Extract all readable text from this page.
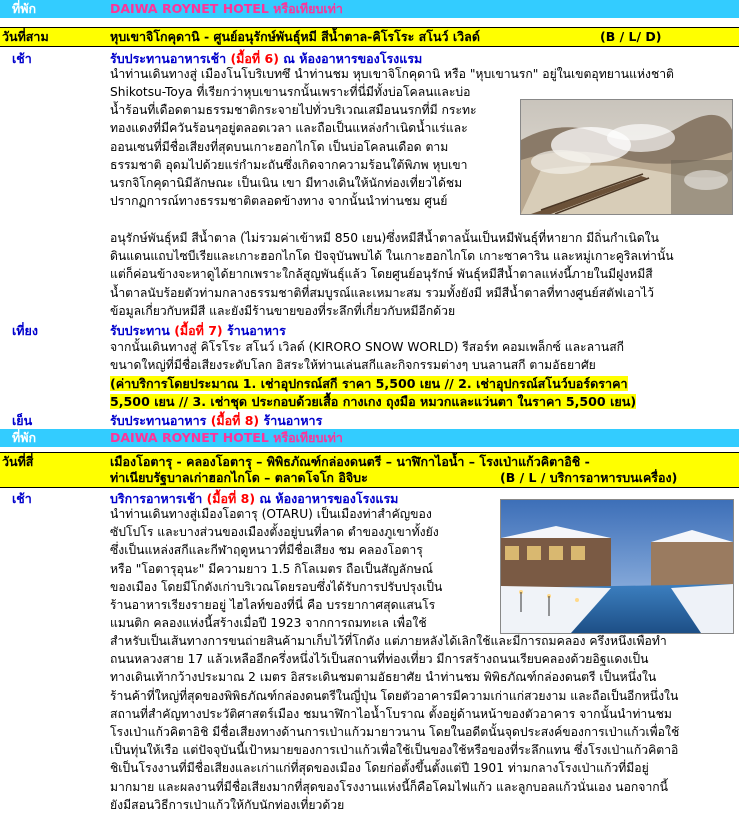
ที่พัก	DAIWA ROYNET HOTEL หรือเทียบเท่า
วันที่สาม	หุบเขาจิโกคุดานิ - ศูนย์อนุรักษ์พันธุ์หมี สีน้ำตาล-คิโรโระ สโนว์ เวิลด์	(B / L/ D)
เช้า	รับประทานอาหารเช้า (มื้อที่ 6) ณ ห้องอาหารของโรงแรม
นำท่านเดินทางสู่ เมืองโนโบริเบทซึ นำท่านชม หุบเขาจิโกคุดานิ หรือ "หุบเขานรก" อยู่ในเขตอุทยานแห่งชาติ
Shikotsu-Toya ที่เรียกว่าหุบเขานรกนั้นเพราะที่นี่มีทั้งบ่อโคลนและบ่อ
น้ำร้อนที่เดือดตามธรรมชาติกระจายไปทั่วบริเวณเสมือนนรกที่มี กระทะ
ทองแดงที่มีควันร้อนๆอยู่ตลอดเวลา และถือเป็นแหล่งกำเนิดน้ำแร่และ
ออนเซนที่มีชื่อเสียงที่สุดบนเกาะฮอกไกโด เป็นบ่อโคลนเดือด ตาม
ธรรมชาติ อุดมไปด้วยแร่กำมะถันซึ่งเกิดจากความร้อนใต้พิภพ หุบเขา
นรกจิโกคุดานิมีลักษณะ เป็นเนิน เขา มีทางเดินให้นักท่องเที่ยวได้ชม
ปรากฏการณ์ทางธรรมชาติตลอดข้างทาง จากนั้นนำท่านชม ศูนย์
อนุรักษ์พันธุ์หมี สีน้ำตาล (ไม่รวมค่าเข้าหมี 850 เยน)ซึ่งหมีสีน้ำตาลนั้นเป็นหมีพันธุ์ที่หายาก มีถิ่นกำเนิดใน
ดินแดนแถบไซบีเรียและเกาะฮอกไกโด ปัจจุบันพบได้ ในเกาะฮอกไกโด เกาะซาคาริน และหมู่เกาะคูริลเท่านั้น
แต่ก็ค่อนข้างจะหาดูได้ยากเพราะใกล้สูญพันธุ์แล้ว โดยศูนย์อนุรักษ์ พันธุ์หมีสีน้ำตาลแห่งนี้ภายในมีฝูงหมีสี
น้ำตาลนับร้อยตัวท่ามกลางธรรมชาติที่สมบูรณ์และเหมาะสม รวมทั้งยังมี หมีสีน้ำตาลที่ทางศูนย์สตัฟเอาไว้
ข้อมูลเกี่ยวกับหมีสี และยังมีร้านขายของที่ระลึกที่เกี่ยวกับหมีอีกด้วย
เที่ยง	รับประทาน (มื้อที่ 7) ร้านอาหาร
จากนั้นเดินทางสู่ คิโรโระ สโนว์ เวิลด์ (KIRORO SNOW WORLD) รีสอร์ท คอมเพล็กซ์ และลานสกี
ขนาดใหญ่ที่มีชื่อเสียงระดับโลก อิสระให้ท่านเล่นสกีและกิจกรรมต่างๆ บนลานสกี ตามอัธยาศัย
(ค่าบริการโดยประมาณ 1. เช่าอุปกรณ์สกี ราคา 5,500 เยน // 2. เช่าอุปกรณ์สโนว์บอร์ดราคา
5,500 เยน // 3. เช่าชุด ประกอบด้วยเสื้อ กางเกง ถุงมือ หมวกและแว่นตา ในราคา 5,500 เยน)
เย็น	รับประทานอาหาร (มื้อที่ 8) ร้านอาหาร
ที่พัก	DAIWA ROYNET HOTEL หรือเทียบเท่า
วันที่สี่	เมืองโอตารุ - คลองโอตารุ – พิพิธภัณฑ์กล่องดนตรี – นาฬิกาไอน้ำ – โรงเป่าแก้วคิตาอิชิ -
ท่าเนียบรัฐบาลเก่าฮอกไกโด – ตลาดโจโก อิจิบะ	(B / L / บริการอาหารบนเครื่อง)
เช้า	บริการอาหารเช้า (มื้อที่ 8) ณ ห้องอาหารของโรงแรม
นำท่านเดินทางสู่เมืองโอตารุ (OTARU) เป็นเมืองท่าสำคัญของ
ซัปโปโร และบางส่วนของเมืองตั้งอยู่บนที่ลาด ตำของภูเขาทั้งยัง
ซึ่งเป็นแหล่งสกีและกีฬาฤดูหนาวที่มีชื่อเสียง ชม คลองโอตารุ
หรือ "โอตารุอุนะ" มีความยาว 1.5 กิโลเมตร ถือเป็นสัญลักษณ์
ของเมือง โดยมีโกดังเก่าบริเวณโดยรอบซึ่งได้รับการปรับปรุงเป็น
ร้านอาหารเรียงรายอยู่ ไฮไลท์ของที่นี่ คือ บรรยากาศสุดแสนโร
แมนติก คลองแห่งนี้สร้างเมื่อปี 1923 จากการถมทะเล เพื่อใช้
สำหรับเป็นเส้นทางการขนถ่ายสินค้ามาเก็บไว้ที่โกดัง แต่ภายหลังได้เลิกใช้และมีการถมคลอง ครึ่งหนึ่งเพื่อทำ
ถนนหลวงสาย 17 แล้วเหลืออีกครึ่งหนึ่งไว้เป็นสถานที่ท่องเที่ยว มีการสร้างถนนเรียบคลองด้วยอิฐแดงเป็น
ทางเดินเท้ากว้างประมาณ 2 เมตร อิสระเดินชมตามอัธยาศัย นำท่านชม พิพิธภัณฑ์กล่องดนตรี เป็นหนึ่งใน
ร้านค้าที่ใหญ่ที่สุดของพิพิธภัณฑ์กล่องดนตรีในญี่ปุ่น โดยตัวอาคารมีความเก่าแก่สวยงาม และถือเป็นอีกหนึ่งใน
สถานที่สำคัญทางประวัติศาสตร์เมือง ชมนาฬิกาไอน้ำโบราณ ตั้งอยู่ด้านหน้าของตัวอาคาร จากนั้นนำท่านชม
โรงเป่าแก้วคิตาอิชิ มีชื่อเสียงทางด้านการเป่าแก้วมายาวนาน โดยในอดีตนั้นจุดประสงค์ของการเป่าแก้วเพื่อใช้
เป็นทุ่นให้เรือ แต่ปัจจุบันนี้เป้าหมายของการเป่าแก้วเพื่อใช้เป็นของใช้หรือของที่ระลึกแทน ซึ่งโรงเป่าแก้วคิตาอิ
ชิเป็นโรงงานที่มีชื่อเสียงและเก่าแก่ที่สุดของเมือง โดยก่อตั้งขึ้นตั้งแต่ปี 1901 ท่ามกลางโรงเป่าแก้วที่มีอยู่
มากมาย และผลงานที่มีชื่อเสียงมากที่สุดของโรงงานแห่งนี้ก็คือโคมไฟแก้ว และลูกบอลแก้วนั่นเอง นอกจากนี้
ยังมีสอนวิธีการเป่าแก้วให้กับนักท่องเที่ยวด้วย
